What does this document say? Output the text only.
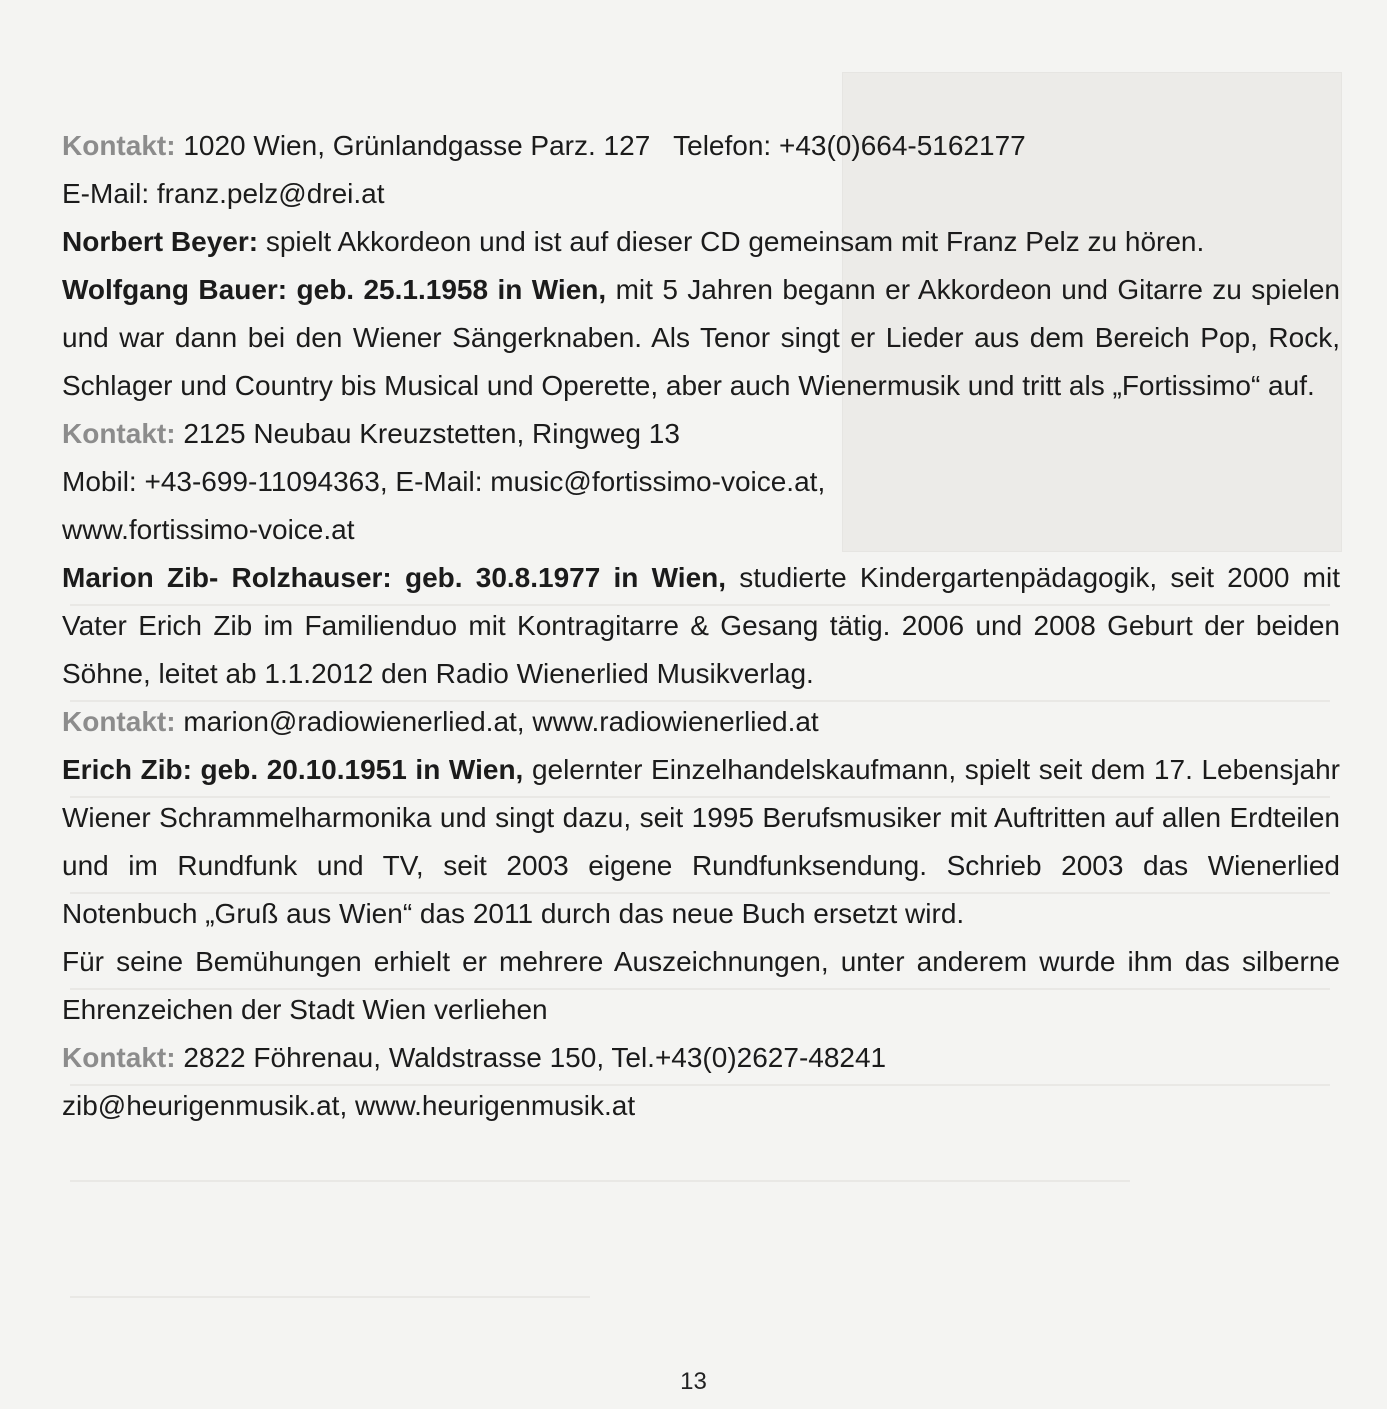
Kontakt: 1020 Wien, Grünlandgasse Parz. 127 Telefon: +43(0)664-5162177
E-Mail: franz.pelz@drei.at

Norbert Beyer: spielt Akkordeon und ist auf dieser CD gemeinsam mit Franz Pelz zu hören.

Wolfgang Bauer: geb. 25.1.1958 in Wien, mit 5 Jahren begann er Akkordeon und Gitarre zu spielen und war dann bei den Wiener Sängerknaben. Als Tenor singt er Lieder aus dem Bereich Pop, Rock, Schlager und Country bis Musical und Operette, aber auch Wienermusik und tritt als „Fortissimo“ auf.

Kontakt: 2125 Neubau Kreuzstetten, Ringweg 13
Mobil: +43-699-11094363, E-Mail: music@fortissimo-voice.at,
www.fortissimo-voice.at

Marion Zib- Rolzhauser: geb. 30.8.1977 in Wien, studierte Kindergartenpädagogik, seit 2000 mit Vater Erich Zib im Familienduo mit Kontragitarre & Gesang tätig. 2006 und 2008 Geburt der beiden Söhne, leitet ab 1.1.2012 den Radio Wienerlied Musikverlag.

Kontakt: marion@radiowienerlied.at, www.radiowienerlied.at

Erich Zib: geb. 20.10.1951 in Wien, gelernter Einzelhandelskaufmann, spielt seit dem 17. Lebensjahr Wiener Schrammelharmonika und singt dazu, seit 1995 Berufsmusiker mit Auftritten auf allen Erdteilen und im Rundfunk und TV, seit 2003 eigene Rundfunksendung. Schrieb 2003 das Wienerlied Notenbuch „Gruß aus Wien“ das 2011 durch das neue Buch ersetzt wird.

Für seine Bemühungen erhielt er mehrere Auszeichnungen, unter anderem wurde ihm das silberne Ehrenzeichen der Stadt Wien verliehen

Kontakt: 2822 Föhrenau, Waldstrasse 150, Tel.+43(0)2627-48241
zib@heurigenmusik.at, www.heurigenmusik.at

13
